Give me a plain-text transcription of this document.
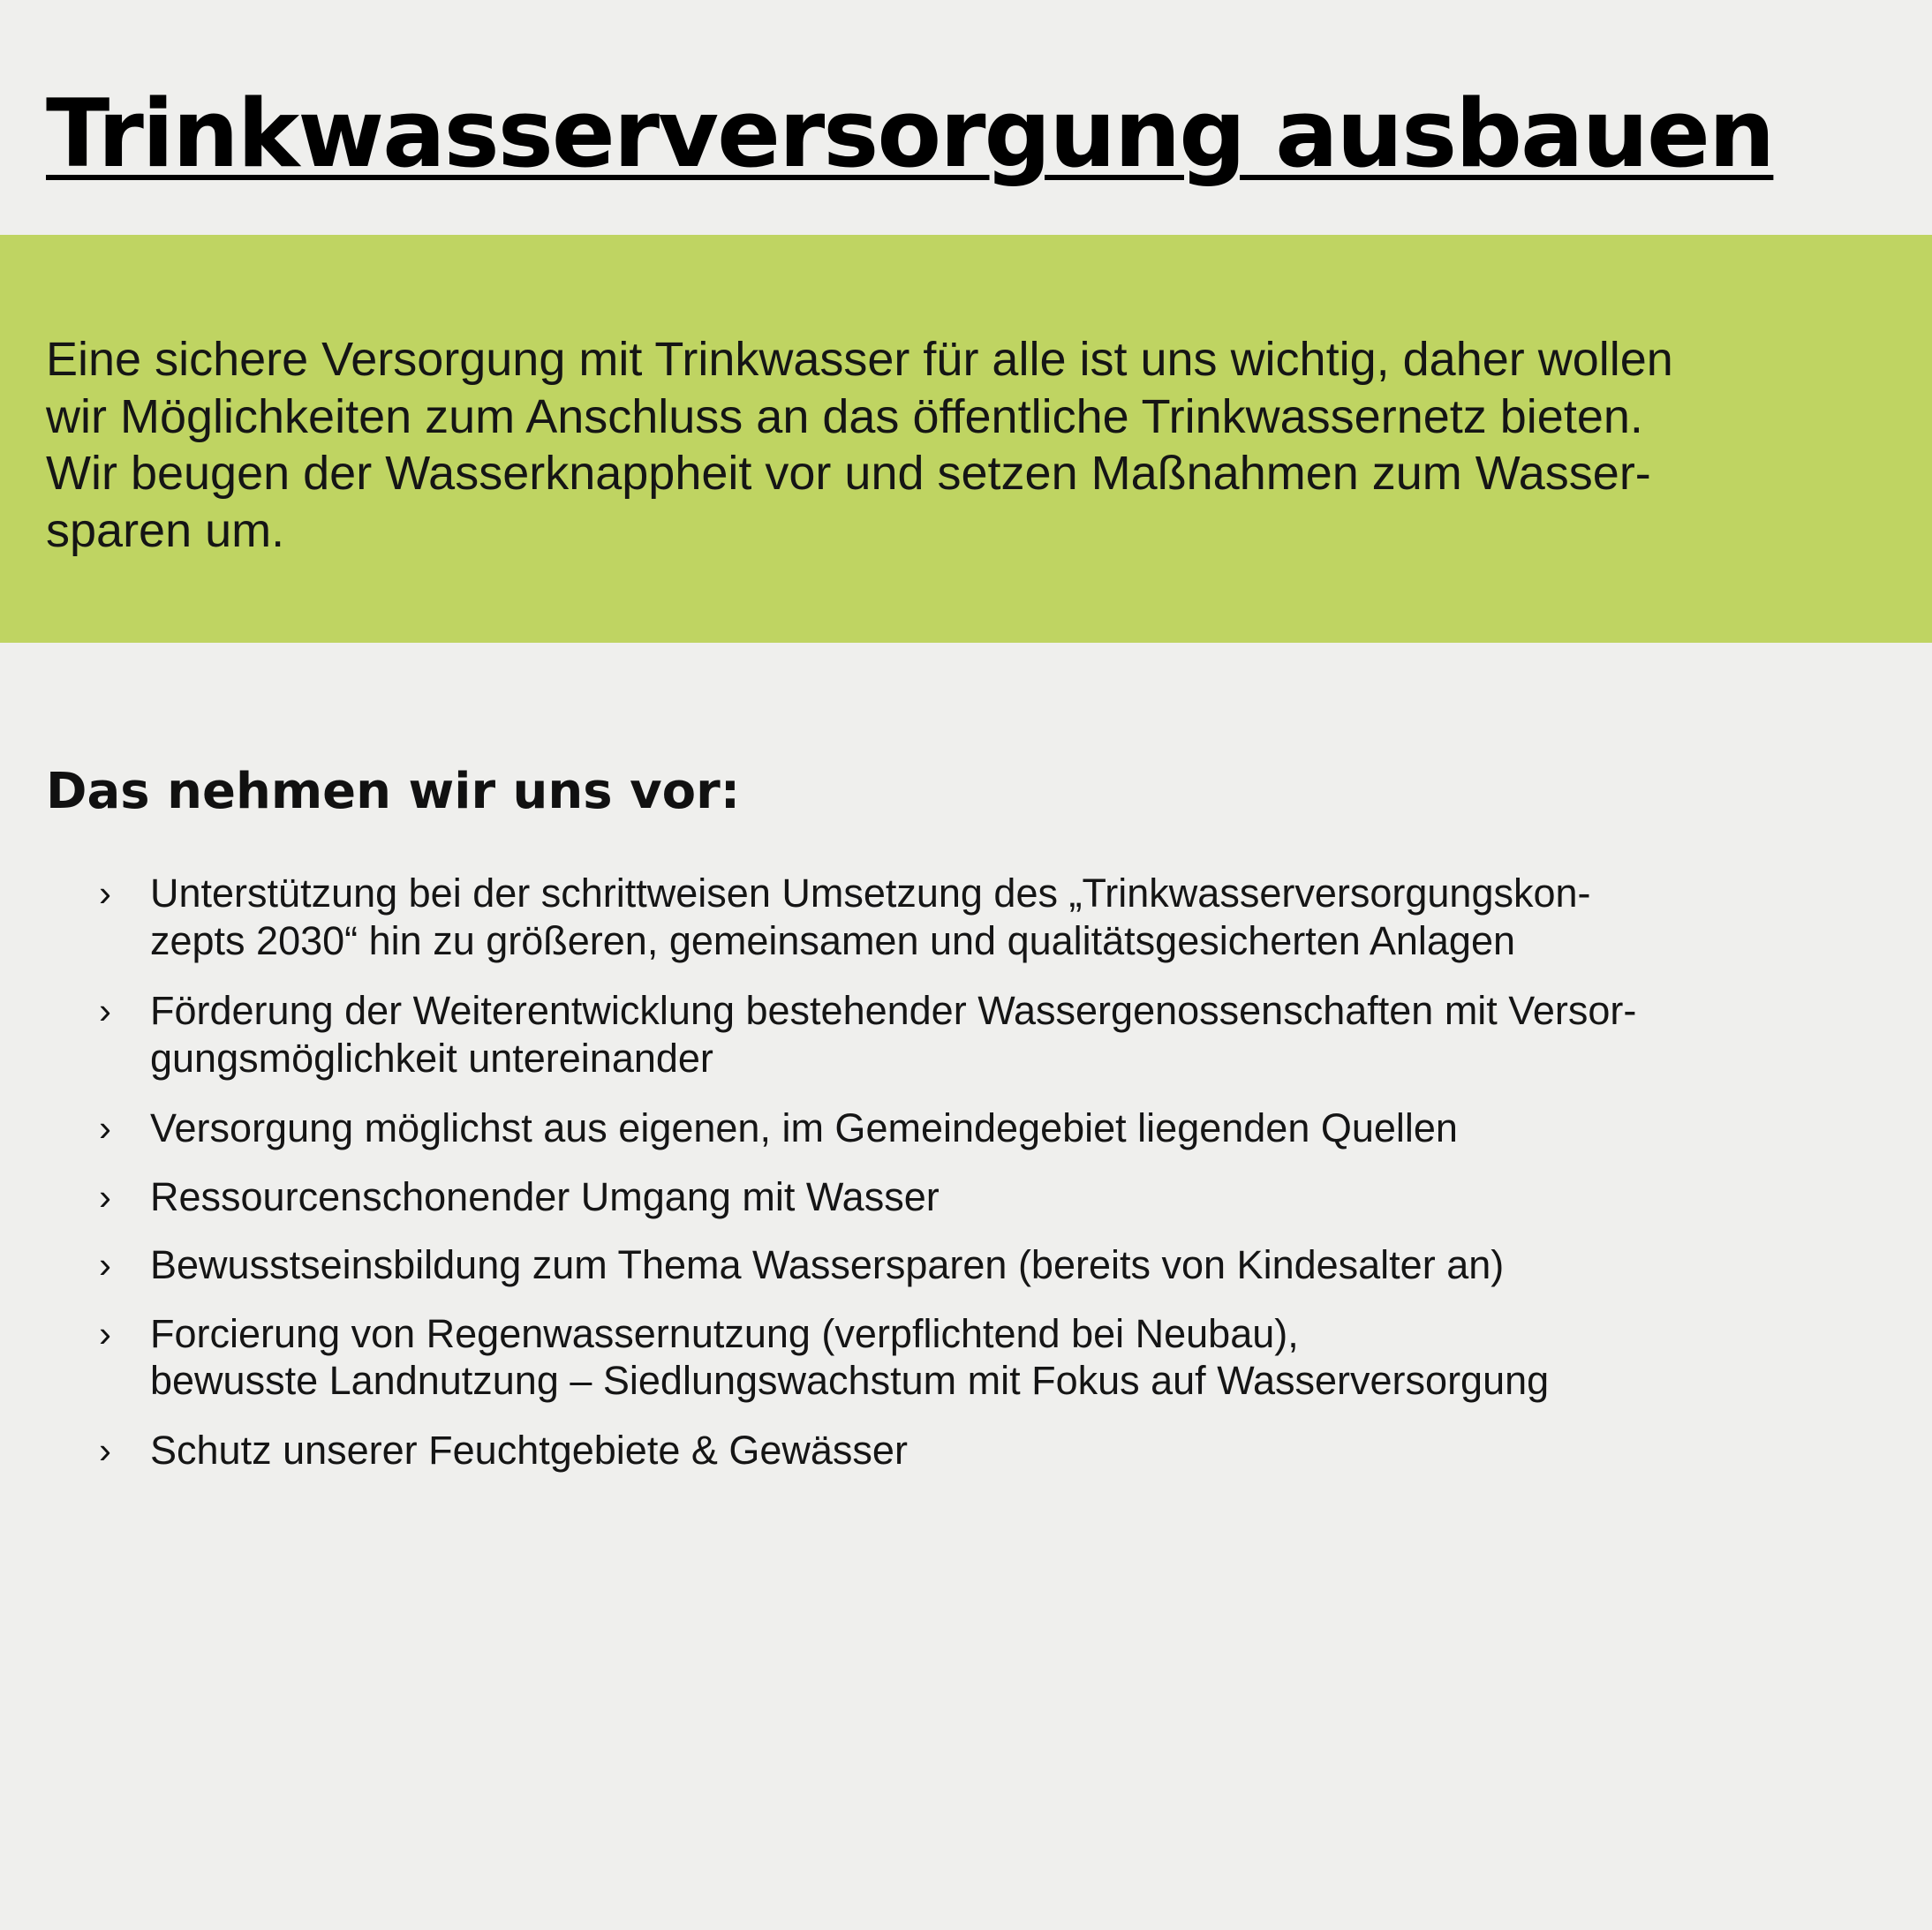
Trinkwasserversorgung ausbauen

Eine sichere Versorgung mit Trinkwasser für alle ist uns wichtig, daher wollen

wir Möglichkeiten zum Anschluss an das öffentliche Trinkwassernetz bieten.

Wir beugen der Wasserknappheit vor und setzen Maßnahmen zum Wasser-

sparen um.

Das nehmen wir uns vor:
› Unterstützung bei der schrittweisen Umsetzung des „Trinkwasserversorgungskon-

zepts 2030“ hin zu größeren, gemeinsamen und qualitätsgesicherten Anlagen

› Förderung der Weiterentwicklung bestehender Wassergenossenschaften mit Versor-

gungsmöglichkeit untereinander

› Versorgung möglichst aus eigenen, im Gemeindegebiet liegenden Quellen

› Ressourcenschonender Umgang mit Wasser

› Bewusstseinsbildung zum Thema Wassersparen (bereits von Kindesalter an)

› Forcierung von Regenwassernutzung (verpflichtend bei Neubau),

bewusste Landnutzung – Siedlungswachstum mit Fokus auf Wasserversorgung

› Schutz unserer Feuchtgebiete & Gewässer
